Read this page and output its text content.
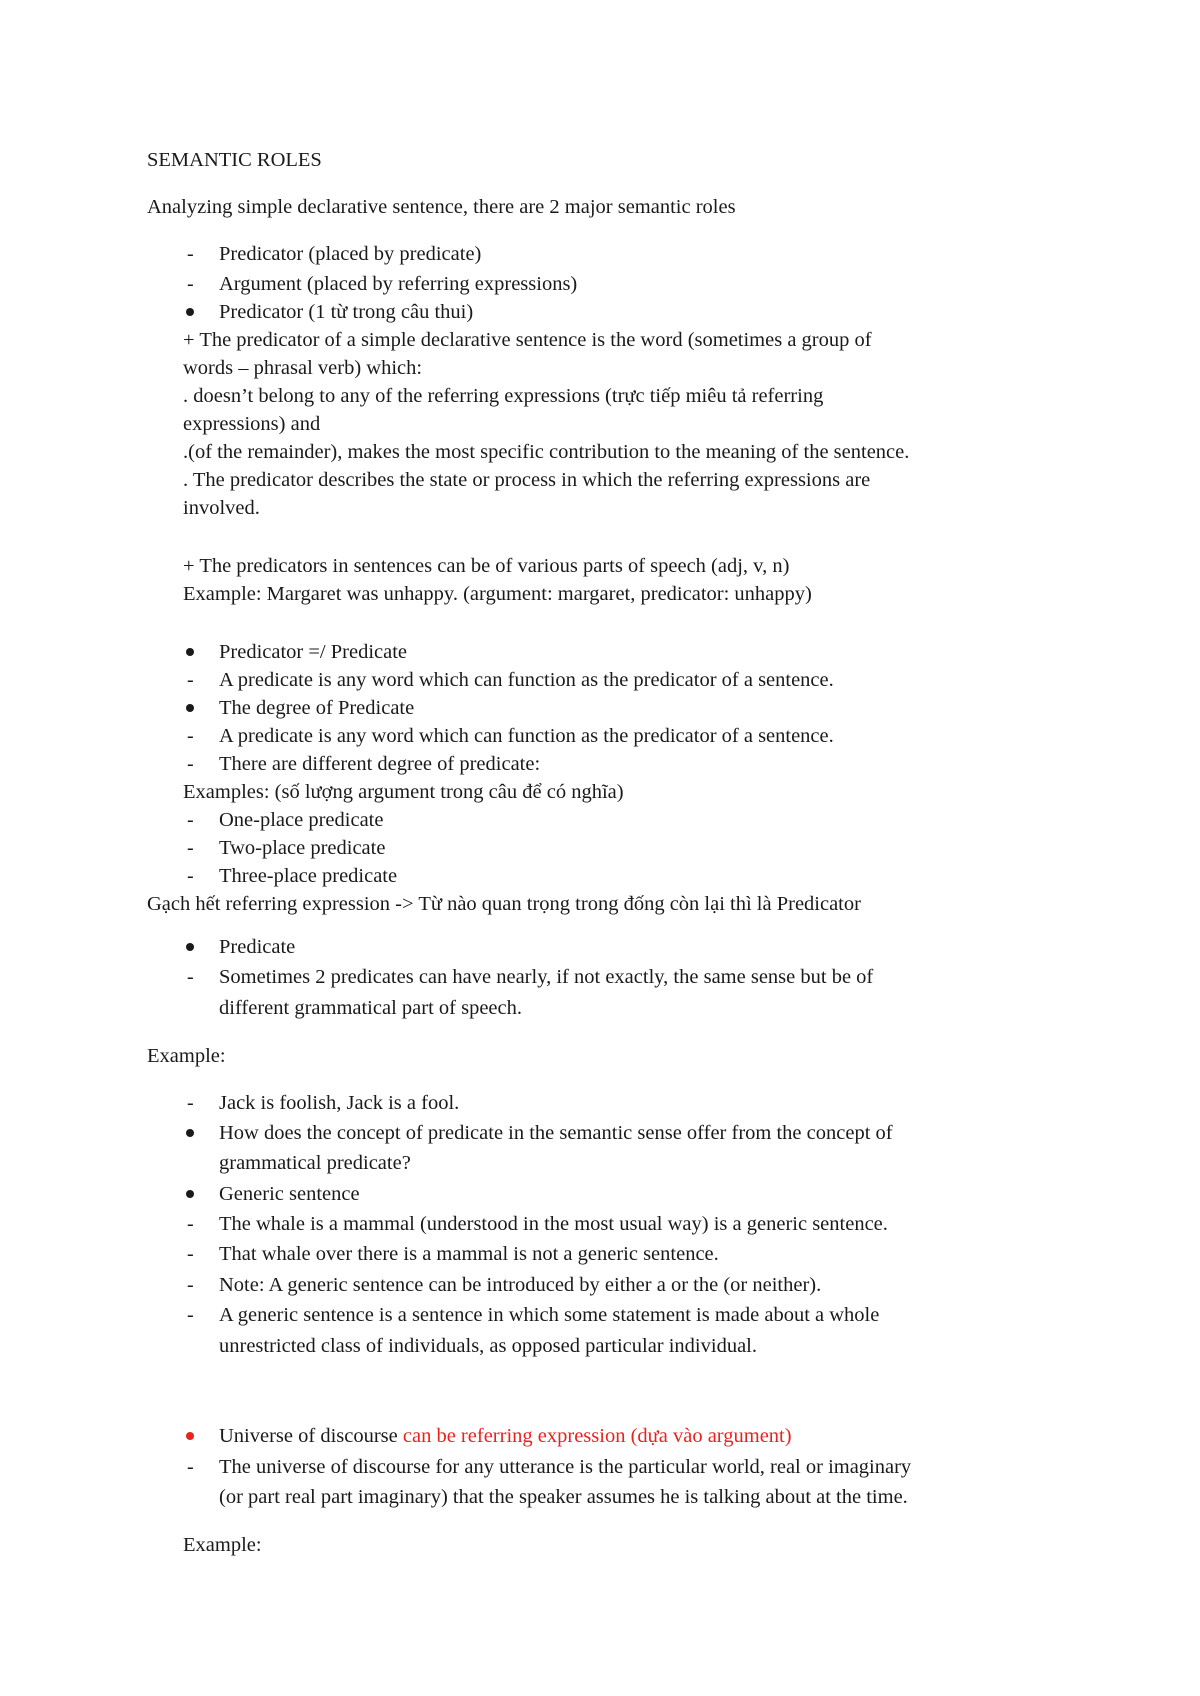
SEMANTIC ROLES
Analyzing simple declarative sentence, there are 2 major semantic roles
- Predicator (placed by predicate)
- Argument (placed by referring expressions)
Predicator (1 từ trong câu thui)
+ The predicator of a simple declarative sentence is the word (sometimes a group of
words – phrasal verb) which:
. doesn’t belong to any of the referring expressions (trực tiếp miêu tả referring
expressions) and
.(of the remainder), makes the most specific contribution to the meaning of the sentence.
. The predicator describes the state or process in which the referring expressions are
involved.
+ The predicators in sentences can be of various parts of speech (adj, v, n)
Example: Margaret was unhappy. (argument: margaret, predicator: unhappy)
Predicator =/ Predicate
- A predicate is any word which can function as the predicator of a sentence.
The degree of Predicate
- A predicate is any word which can function as the predicator of a sentence.
- There are different degree of predicate:
Examples: (số lượng argument trong câu để có nghĩa)
- One-place predicate
- Two-place predicate
- Three-place predicate
Gạch hết referring expression -> Từ nào quan trọng trong đống còn lại thì là Predicator
Predicate
- Sometimes 2 predicates can have nearly, if not exactly, the same sense but be of
different grammatical part of speech.
Example:
- Jack is foolish, Jack is a fool.
How does the concept of predicate in the semantic sense offer from the concept of
grammatical predicate?
Generic sentence
- The whale is a mammal (understood in the most usual way) is a generic sentence.
- That whale over there is a mammal is not a generic sentence.
- Note: A generic sentence can be introduced by either a or the (or neither).
- A generic sentence is a sentence in which some statement is made about a whole
unrestricted class of individuals, as opposed particular individual.
Universe of discourse can be referring expression (dựa vào argument)
- The universe of discourse for any utterance is the particular world, real or imaginary
(or part real part imaginary) that the speaker assumes he is talking about at the time.
Example:
